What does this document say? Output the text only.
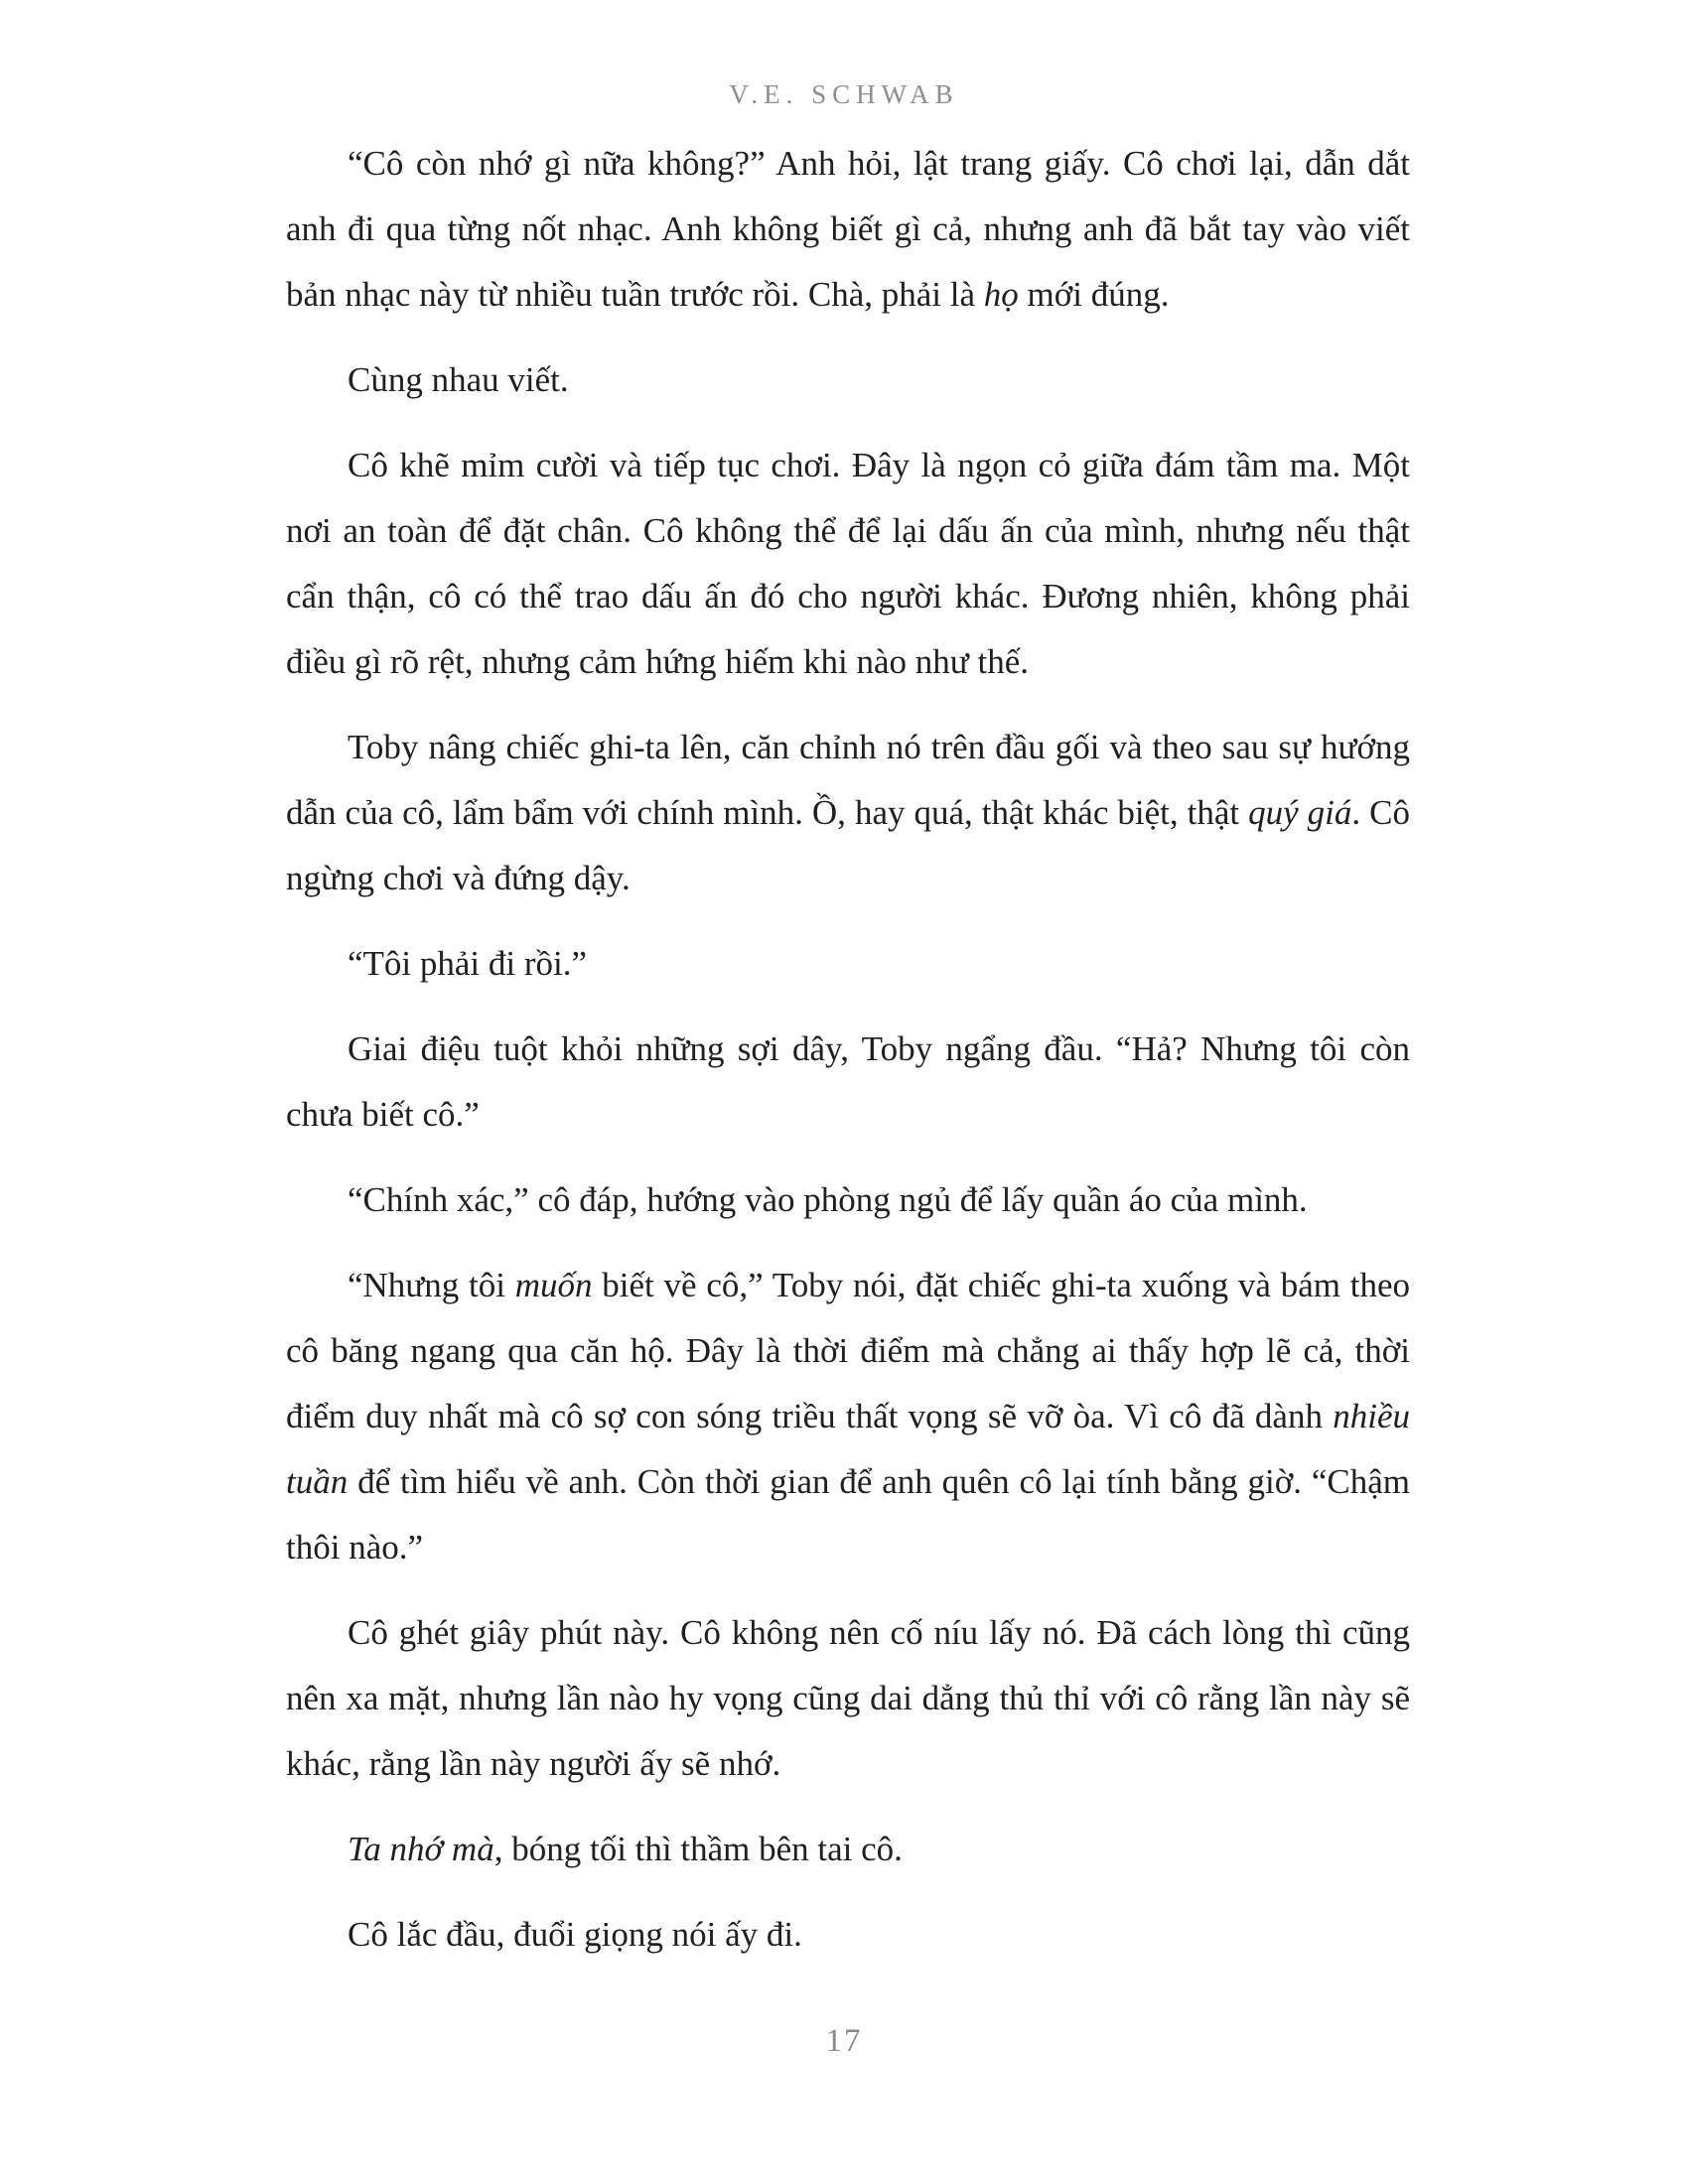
V.E. SCHWAB

“Cô còn nhớ gì nữa không?” Anh hỏi, lật trang giấy. Cô chơi lại, dẫn dắt anh đi qua từng nốt nhạc. Anh không biết gì cả, nhưng anh đã bắt tay vào viết bản nhạc này từ nhiều tuần trước rồi. Chà, phải là họ mới đúng.

Cùng nhau viết.

Cô khẽ mỉm cười và tiếp tục chơi. Đây là ngọn cỏ giữa đám tầm ma. Một nơi an toàn để đặt chân. Cô không thể để lại dấu ấn của mình, nhưng nếu thật cẩn thận, cô có thể trao dấu ấn đó cho người khác. Đương nhiên, không phải điều gì rõ rệt, nhưng cảm hứng hiếm khi nào như thế.

Toby nâng chiếc ghi-ta lên, căn chỉnh nó trên đầu gối và theo sau sự hướng dẫn của cô, lẩm bẩm với chính mình. Ồ, hay quá, thật khác biệt, thật quý giá. Cô ngừng chơi và đứng dậy.

“Tôi phải đi rồi.”

Giai điệu tuột khỏi những sợi dây, Toby ngẩng đầu. “Hả? Nhưng tôi còn chưa biết cô.”

“Chính xác,” cô đáp, hướng vào phòng ngủ để lấy quần áo của mình.

“Nhưng tôi muốn biết về cô,” Toby nói, đặt chiếc ghi-ta xuống và bám theo cô băng ngang qua căn hộ. Đây là thời điểm mà chẳng ai thấy hợp lẽ cả, thời điểm duy nhất mà cô sợ con sóng triều thất vọng sẽ vỡ òa. Vì cô đã dành nhiều tuần để tìm hiểu về anh. Còn thời gian để anh quên cô lại tính bằng giờ. “Chậm thôi nào.”

Cô ghét giây phút này. Cô không nên cố níu lấy nó. Đã cách lòng thì cũng nên xa mặt, nhưng lần nào hy vọng cũng dai dẳng thủ thỉ với cô rằng lần này sẽ khác, rằng lần này người ấy sẽ nhớ.

Ta nhớ mà, bóng tối thì thầm bên tai cô.

Cô lắc đầu, đuổi giọng nói ấy đi.

17
